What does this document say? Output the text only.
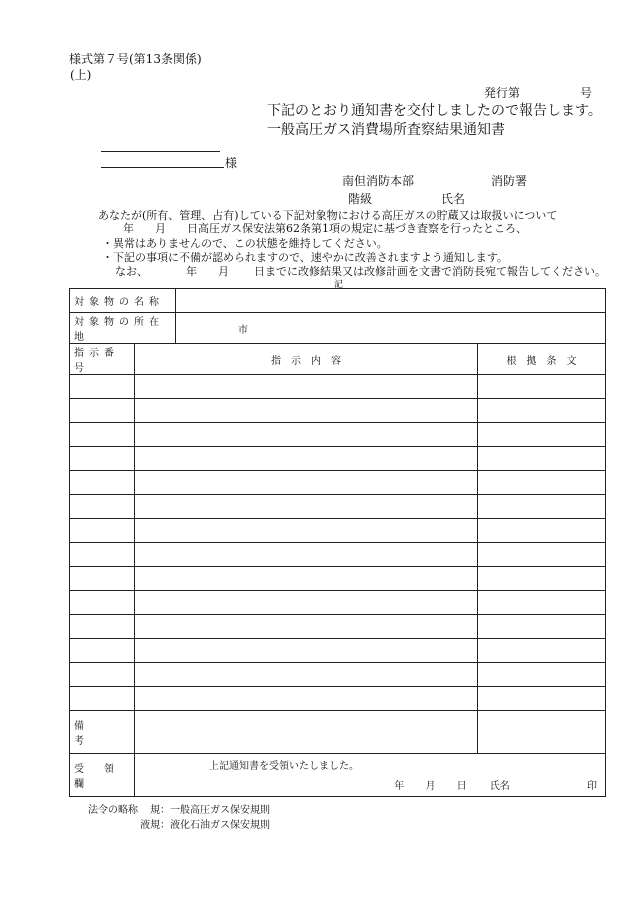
様式第７号(第13条関係)
(上)
発行第	号
下記のとおり通知書を交付しましたので報告します。
一般高圧ガス消費場所査察結果通知書
様
南但消防本部	消防署
階級	氏名
あなたが(所有、管理、占有)している下記対象物における高圧ガスの貯蔵又は取扱いについて
年 月 日高圧ガス保安法第62条第1項の規定に基づき査察を行ったところ、
・異常はありませんので、この状態を維持してください。
・下記の事項に不備が認められますので、速やかに改善されますよう通知します。
なお、	年 月 日までに改修結果又は改修計画を文書で消防長宛て報告してください。
記
対象物の名称			
対象物の所在地		市	
指示番号	指　示　内　容		根　拠　条　文

備　　考			
受　領　欄	上記通知書を受領いたしました。
年 月 日 氏名 印		
法令の略称 規：一般高圧ガス保安規則
液規：液化石油ガス保安規則
